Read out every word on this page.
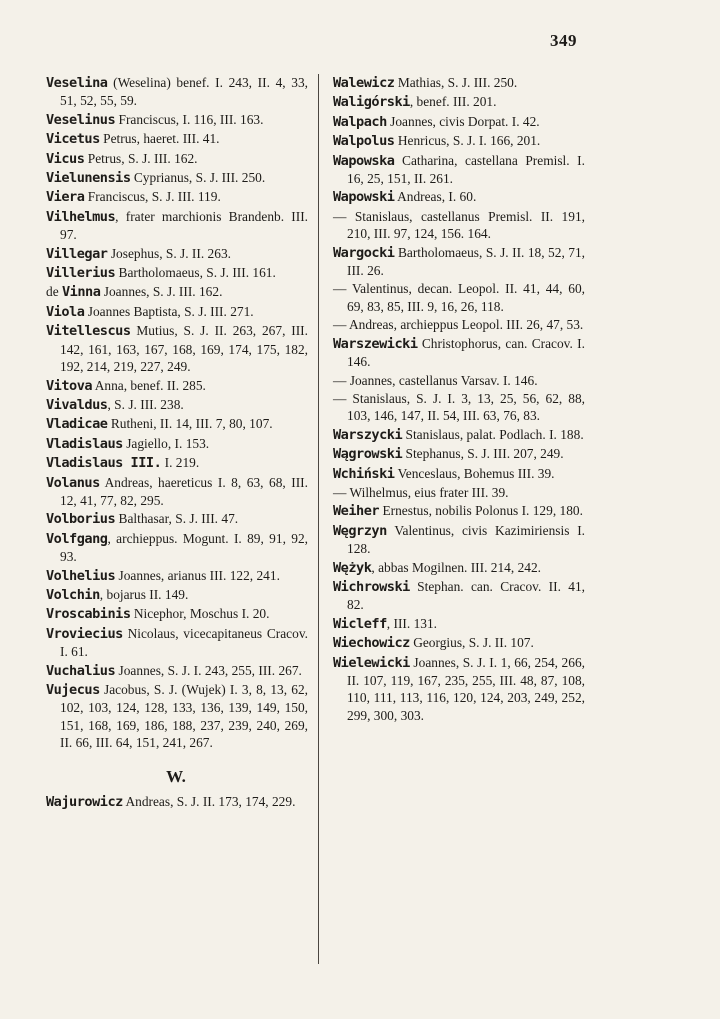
349
Veselina (Weselina) benef. I. 243, II. 4, 33, 51, 52, 55, 59.
Veselinus Franciscus, I. 116, III. 163.
Vicetus Petrus, haeret. III. 41.
Vicus Petrus, S. J. III. 162.
Vielunensis Cyprianus, S. J. III. 250.
Viera Franciscus, S. J. III. 119.
Vilhelmus, frater marchionis Brandenb. III. 97.
Villegar Josephus, S. J. II. 263.
Villerius Bartholomaeus, S. J. III. 161.
de Vinna Joannes, S. J. III. 162.
Viola Joannes Baptista, S. J. III. 271.
Vitellescus Mutius, S. J. II. 263, 267, III. 142, 161, 163, 167, 168, 169, 174, 175, 182, 192, 214, 219, 227, 249.
Vitova Anna, benef. II. 285.
Vivaldus, S. J. III. 238.
Vladicae Rutheni, II. 14, III. 7, 80, 107.
Vladislaus Jagiello, I. 153.
Vladislaus III. I. 219.
Volanus Andreas, haereticus I. 8, 63, 68, III. 12, 41, 77, 82, 295.
Volborius Balthasar, S. J. III. 47.
Volfgang, archieppus. Mogunt. I. 89, 91, 92, 93.
Volhelius Joannes, arianus III. 122, 241.
Volchin, bojarus II. 149.
Vroscabinis Nicephor, Moschus I. 20.
Vroviecius Nicolaus, vicecapitaneus Cracov. I. 61.
Vuchalius Joannes, S. J. I. 243, 255, III. 267.
Vujecus Jacobus, S. J. (Wujek) I. 3, 8, 13, 62, 102, 103, 124, 128, 133, 136, 139, 149, 150, 151, 168, 169, 186, 188, 237, 239, 240, 269, II. 66, III. 64, 151, 241, 267.
W.
Wajurowicz Andreas, S. J. II. 173, 174, 229.
Walewicz Mathias, S. J. III. 250.
Waligórski, benef. III. 201.
Walpach Joannes, civis Dorpat. I. 42.
Walpolus Henricus, S. J. I. 166, 201.
Wapowska Catharina, castellana Premisl. I. 16, 25, 151, II. 261.
Wapowski Andreas, I. 60.
— Stanislaus, castellanus Premisl. II. 191, 210, III. 97, 124, 156. 164.
Wargocki Bartholomaeus, S. J. II. 18, 52, 71, III. 26.
— Valentinus, decan. Leopol. II. 41, 44, 60, 69, 83, 85, III. 9, 16, 26, 118.
— Andreas, archieppus Leopol. III. 26, 47, 53.
Warszewicki Christophorus, can. Cracov. I. 146.
— Joannes, castellanus Varsav. I. 146.
— Stanislaus, S. J. I. 3, 13, 25, 56, 62, 88, 103, 146, 147, II. 54, III. 63, 76, 83.
Warszycki Stanislaus, palat. Podlach. I. 188.
Wągrowski Stephanus, S. J. III. 207, 249.
Wchiński Venceslaus, Bohemus III. 39.
— Wilhelmus, eius frater III. 39.
Weiher Ernestus, nobilis Polonus I. 129, 180.
Węgrzyn Valentinus, civis Kazimiriensis I. 128.
Wężyk, abbas Mogilnen. III. 214, 242.
Wichrowski Stephan. can. Cracov. II. 41, 82.
Wicleff, III. 131.
Wiechowicz Georgius, S. J. II. 107.
Wielewicki Joannes, S. J. I. 1, 66, 254, 266, II. 107, 119, 167, 235, 255, III. 48, 87, 108, 110, 111, 113, 116, 120, 124, 203, 249, 252, 299, 300, 303.
